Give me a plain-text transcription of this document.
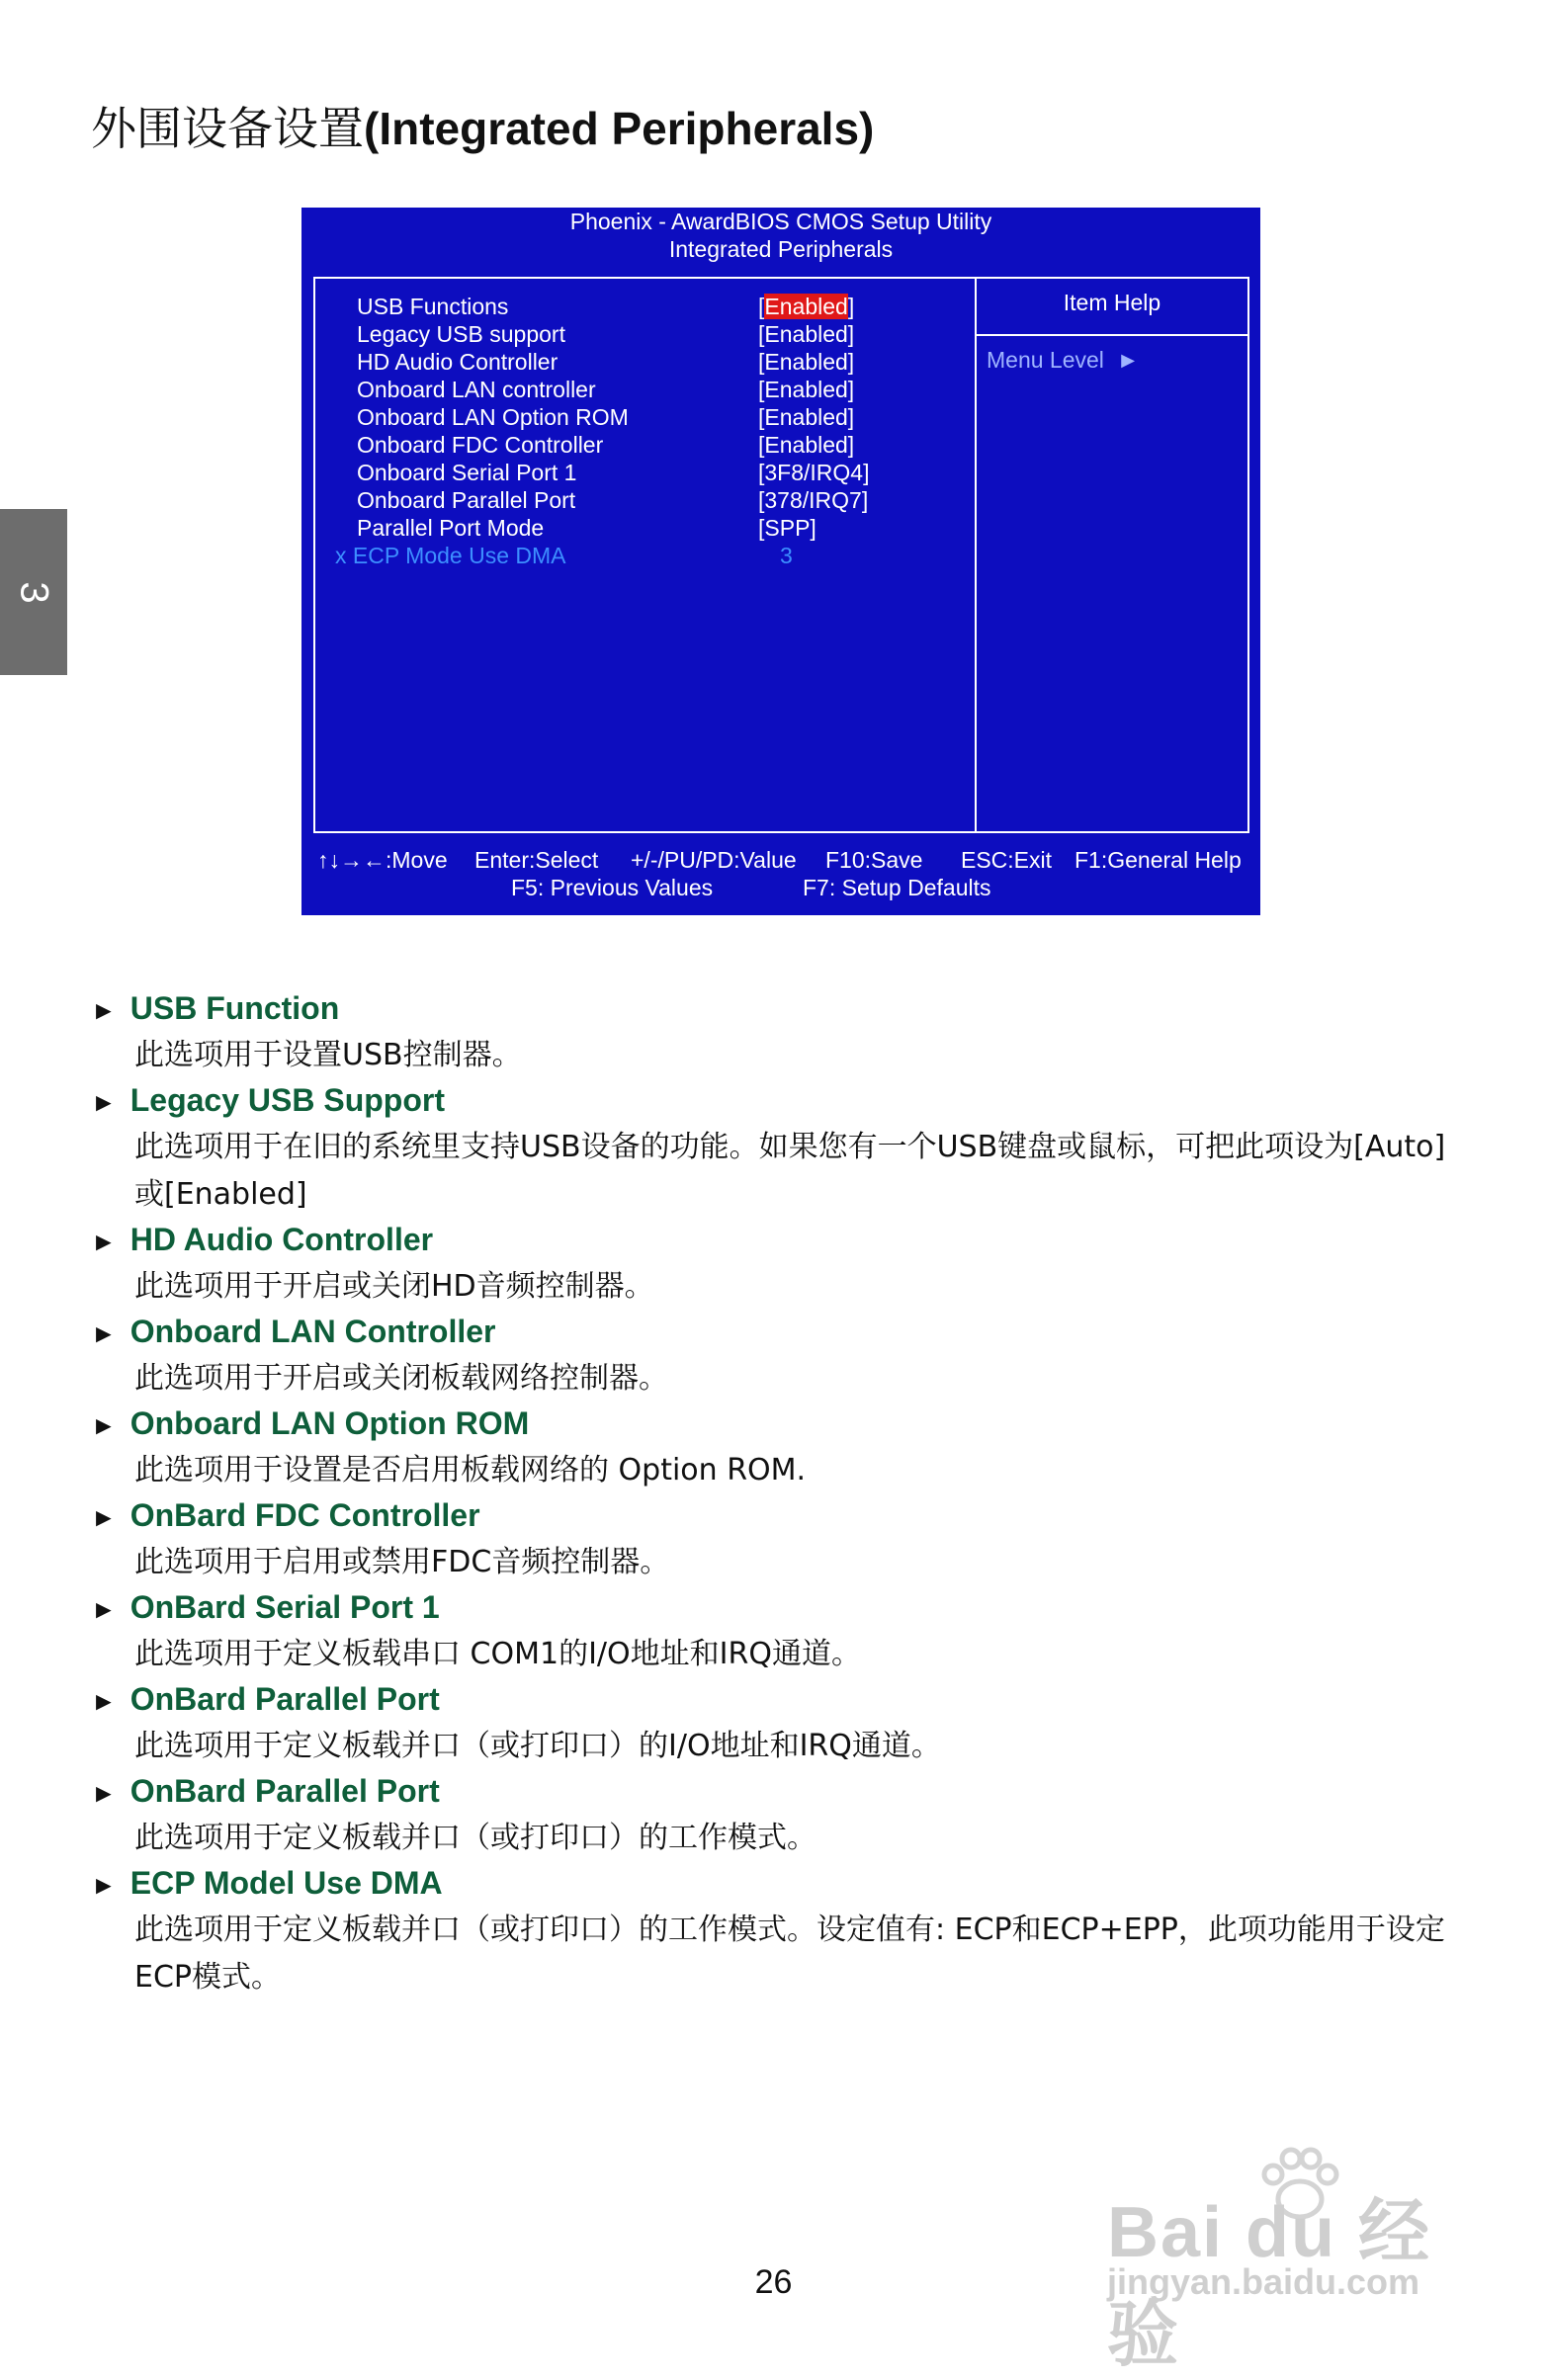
外围设备设置(Integrated Peripherals)
3
Phoenix - AwardBIOS CMOS Setup Utility
Integrated Peripherals
USB Functions	[Enabled]
Legacy USB support	[Enabled]
HD Audio Controller	[Enabled]
Onboard LAN controller	[Enabled]
Onboard LAN Option ROM	[Enabled]
Onboard FDC Controller	[Enabled]
Onboard Serial Port 1	[3F8/IRQ4]
Onboard Parallel Port	[378/IRQ7]
Parallel Port Mode	[SPP]
x ECP Mode Use DMA	3
Item Help
Menu Level ►
↑↓→←:Move Enter:Select +/-/PU/PD:Value F10:Save ESC:Exit F1:General Help
F5: Previous Values	F7: Setup Defaults
► USB Function
此选项用于设置USB控制器。
► Legacy USB Support
此选项用于在旧的系统里支持USB设备的功能。如果您有一个USB键盘或鼠标，可把此项设为[Auto]或[Enabled]
► HD Audio Controller
此选项用于开启或关闭HD音频控制器。
► Onboard LAN Controller
此选项用于开启或关闭板载网络控制器。
► Onboard LAN Option ROM
此选项用于设置是否启用板载网络的 Option ROM.
► OnBard FDC Controller
此选项用于启用或禁用FDC音频控制器。
► OnBard Serial Port 1
此选项用于定义板载串口 COM1的I/O地址和IRQ通道。
► OnBard Parallel Port
此选项用于定义板载并口（或打印口）的I/O地址和IRQ通道。
► OnBard Parallel Port
此选项用于定义板载并口（或打印口）的工作模式。
► ECP Model Use DMA
此选项用于定义板载并口（或打印口）的工作模式。设定值有: ECP和ECP+EPP，此项功能用于设定ECP模式。
Bai du 经验
jingyan.baidu.com
26
